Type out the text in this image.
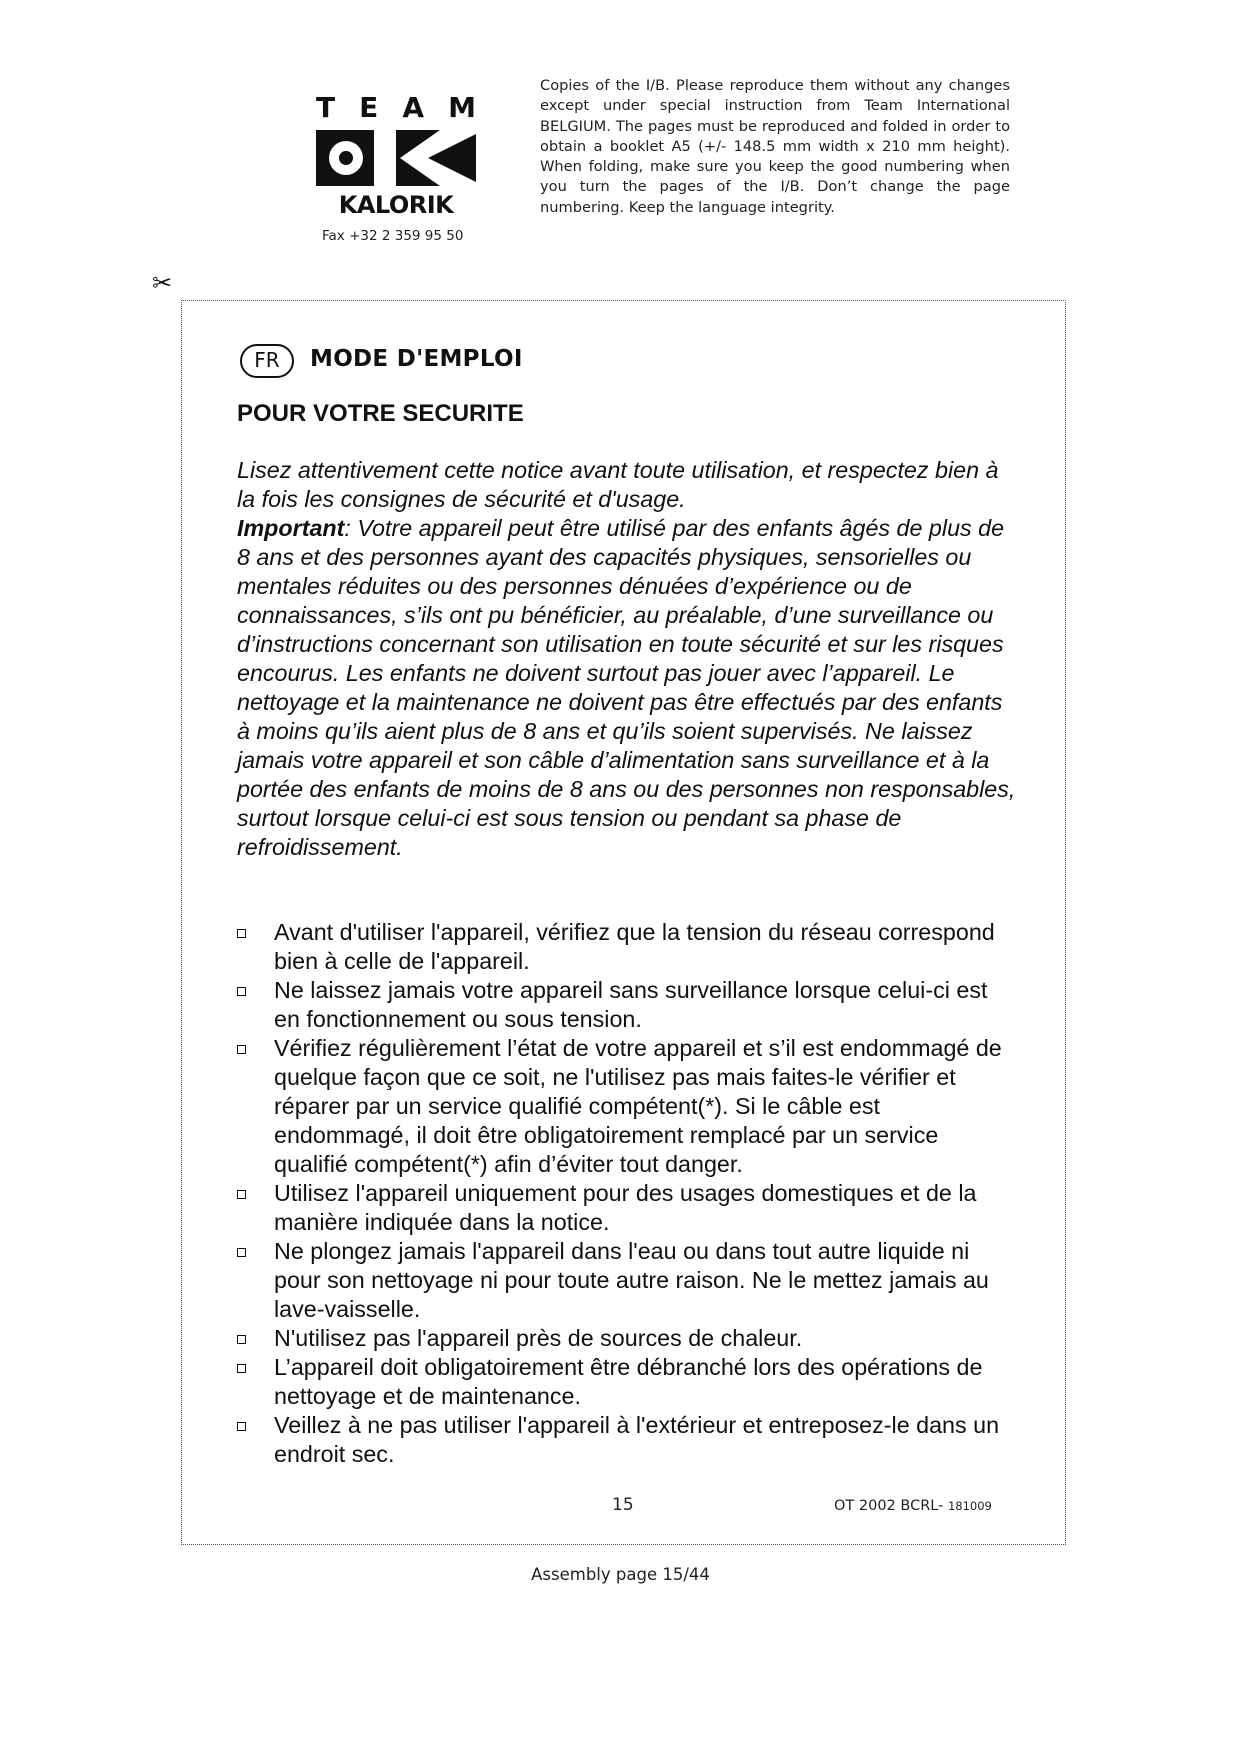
T E A M
KALORIK
Fax +32 2 359 95 50
Copies of the I/B. Please reproduce them without any changes except under special instruction from Team International BELGIUM. The pages must be reproduced and folded in order to obtain a booklet A5 (+/- 148.5 mm width x 210 mm height). When folding, make sure you keep the good numbering when you turn the pages of the I/B. Don’t change the page numbering. Keep the language integrity.
✂
FR	MODE D'EMPLOI
POUR VOTRE SECURITE

Lisez attentivement cette notice avant toute utilisation, et respectez bien à la fois les consignes de sécurité et d'usage.

Important: Votre appareil peut être utilisé par des enfants âgés de plus de 8 ans et des personnes ayant des capacités physiques, sensorielles ou mentales réduites ou des personnes dénuées d’expérience ou de connaissances, s’ils ont pu bénéficier, au préalable, d’une surveillance ou d’instructions concernant son utilisation en toute sécurité et sur les risques encourus. Les enfants ne doivent surtout pas jouer avec l’appareil. Le nettoyage et la maintenance ne doivent pas être effectués par des enfants à moins qu’ils aient plus de 8 ans et qu’ils soient supervisés. Ne laissez jamais votre appareil et son câble d’alimentation sans surveillance et à la portée des enfants de moins de 8 ans ou des personnes non responsables, surtout lorsque celui-ci est sous tension ou pendant sa phase de refroidissement.

Avant d'utiliser l'appareil, vérifiez que la tension du réseau correspond bien à celle de l'appareil.
Ne laissez jamais votre appareil sans surveillance lorsque celui-ci est en fonctionnement ou sous tension.
Vérifiez régulièrement l’état de votre appareil et s’il est endommagé de quelque façon que ce soit, ne l'utilisez pas mais faites-le vérifier et réparer par un service qualifié compétent(*). Si le câble est endommagé, il doit être obligatoirement remplacé par un service qualifié compétent(*) afin d’éviter tout danger.
Utilisez l'appareil uniquement pour des usages domestiques et de la manière indiquée dans la notice.
Ne plongez jamais l'appareil dans l'eau ou dans tout autre liquide ni pour son nettoyage ni pour toute autre raison. Ne le mettez jamais au lave-vaisselle.
N'utilisez pas l'appareil près de sources de chaleur.
L’appareil doit obligatoirement être débranché lors des opérations de nettoyage et de maintenance.
Veillez à ne pas utiliser l'appareil à l'extérieur et entreposez-le dans un endroit sec.
15	OT 2002 BCRL- 181009
Assembly page 15/44
